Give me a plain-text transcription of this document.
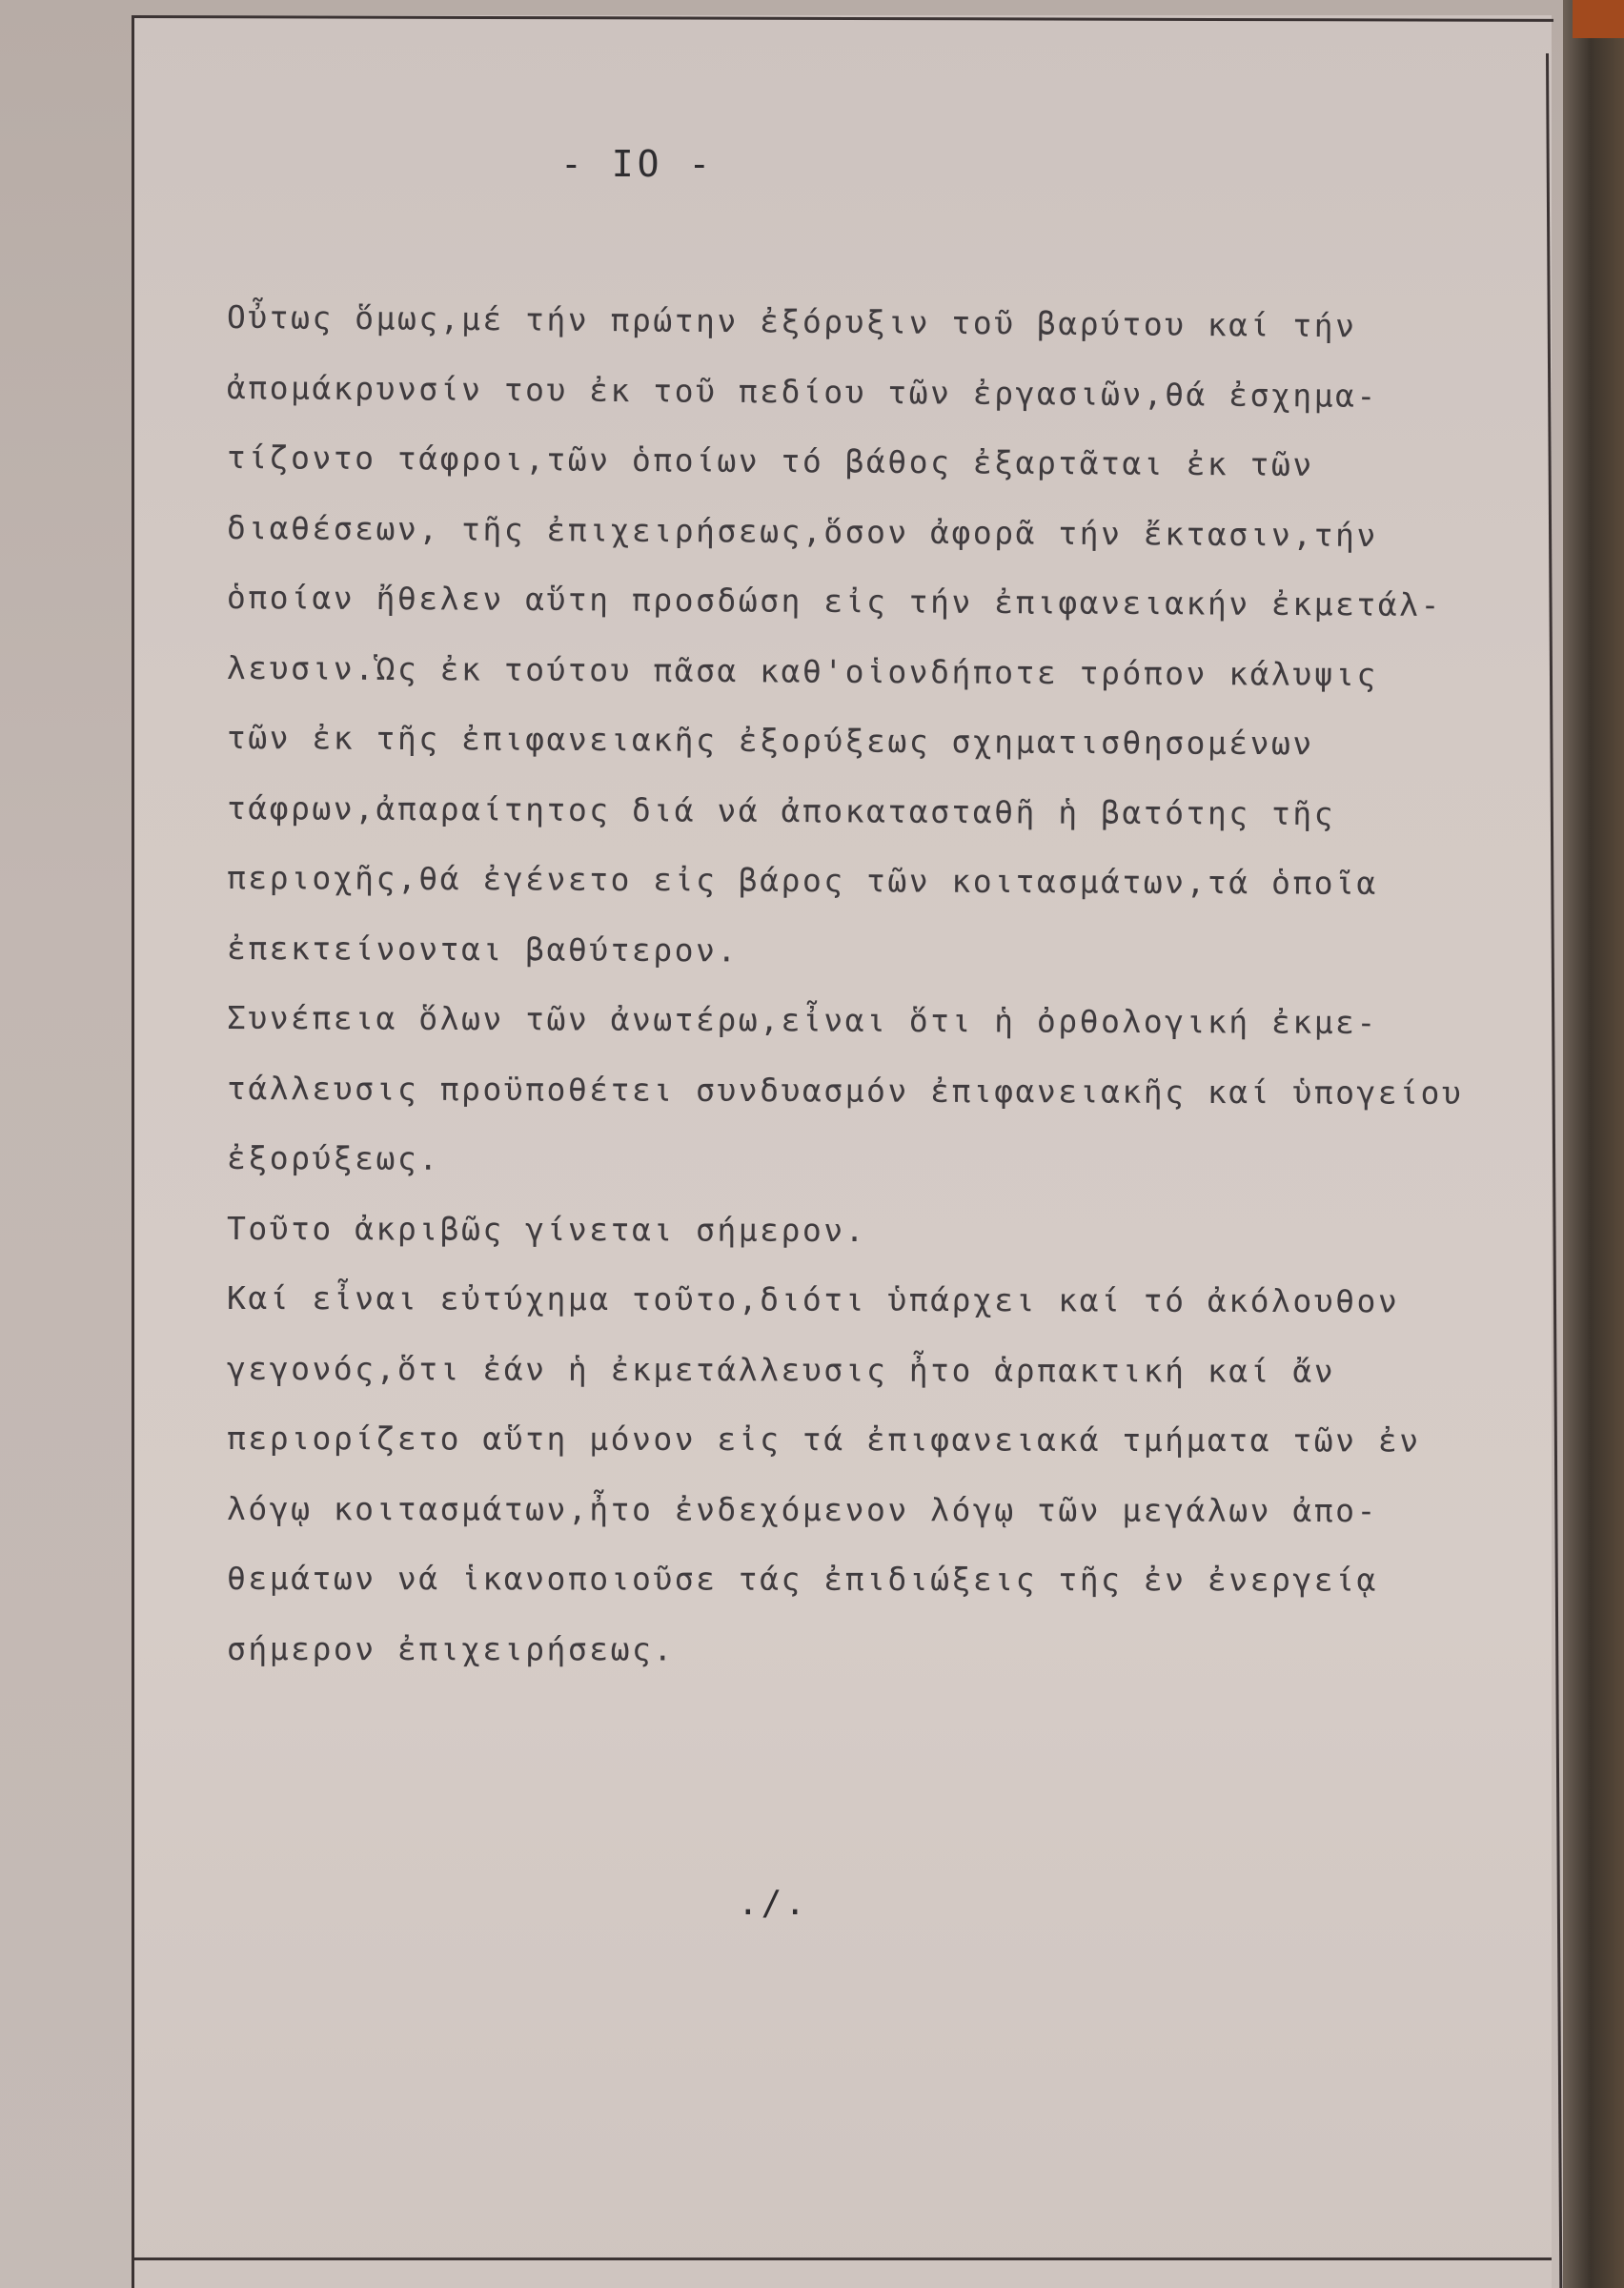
- IO -
Οὖτως ὅμως,μέ τήν πρώτην ἐξόρυξιν τοῦ βαρύτου καί τήν
ἀπομάκρυνσίν του ἐκ τοῦ πεδίου τῶν ἐργασιῶν,θά ἐσχημα-
τίζοντο τάφροι,τῶν ὁποίων τό βάθος ἐξαρτᾶται ἐκ τῶν
διαθέσεων, τῆς ἐπιχειρήσεως,ὅσον ἀφορᾶ τήν ἔκτασιν,τήν
ὁποίαν ἤθελεν αὕτη προσδώση εἰς τήν ἐπιφανειακήν ἐκμετάλ-
λευσιν.Ὡς ἐκ τούτου πᾶσα καθ'οἱονδήποτε τρόπον κάλυψις
τῶν ἐκ τῆς ἐπιφανειακῆς ἐξορύξεως σχηματισθησομένων
τάφρων,ἀπαραίτητος διά νά ἀποκατασταθῆ ἡ βατότης τῆς
περιοχῆς,θά ἐγένετο εἰς βάρος τῶν κοιτασμάτων,τά ὁποῖα
ἐπεκτείνονται βαθύτερον.
Συνέπεια ὅλων τῶν ἀνωτέρω,εἶναι ὅτι ἡ ὀρθολογική ἐκμε-
τάλλευσις προϋποθέτει συνδυασμόν ἐπιφανειακῆς καί ὑπογείου
ἐξορύξεως.
Τοῦτο ἀκριβῶς γίνεται σήμερον.
Καί εἶναι εὐτύχημα τοῦτο,διότι ὑπάρχει καί τό ἀκόλουθον
γεγονός,ὅτι ἐάν ἡ ἐκμετάλλευσις ἦτο ἁρπακτική καί ἄν
περιορίζετο αὕτη μόνον εἰς τά ἐπιφανειακά τμήματα τῶν ἐν
λόγῳ κοιτασμάτων,ἦτο ἐνδεχόμενον λόγῳ τῶν μεγάλων ἀπο-
θεμάτων νά ἱκανοποιοῦσε τάς ἐπιδιώξεις τῆς ἐν ἐνεργείᾳ
σήμερον ἐπιχειρήσεως.
./.
